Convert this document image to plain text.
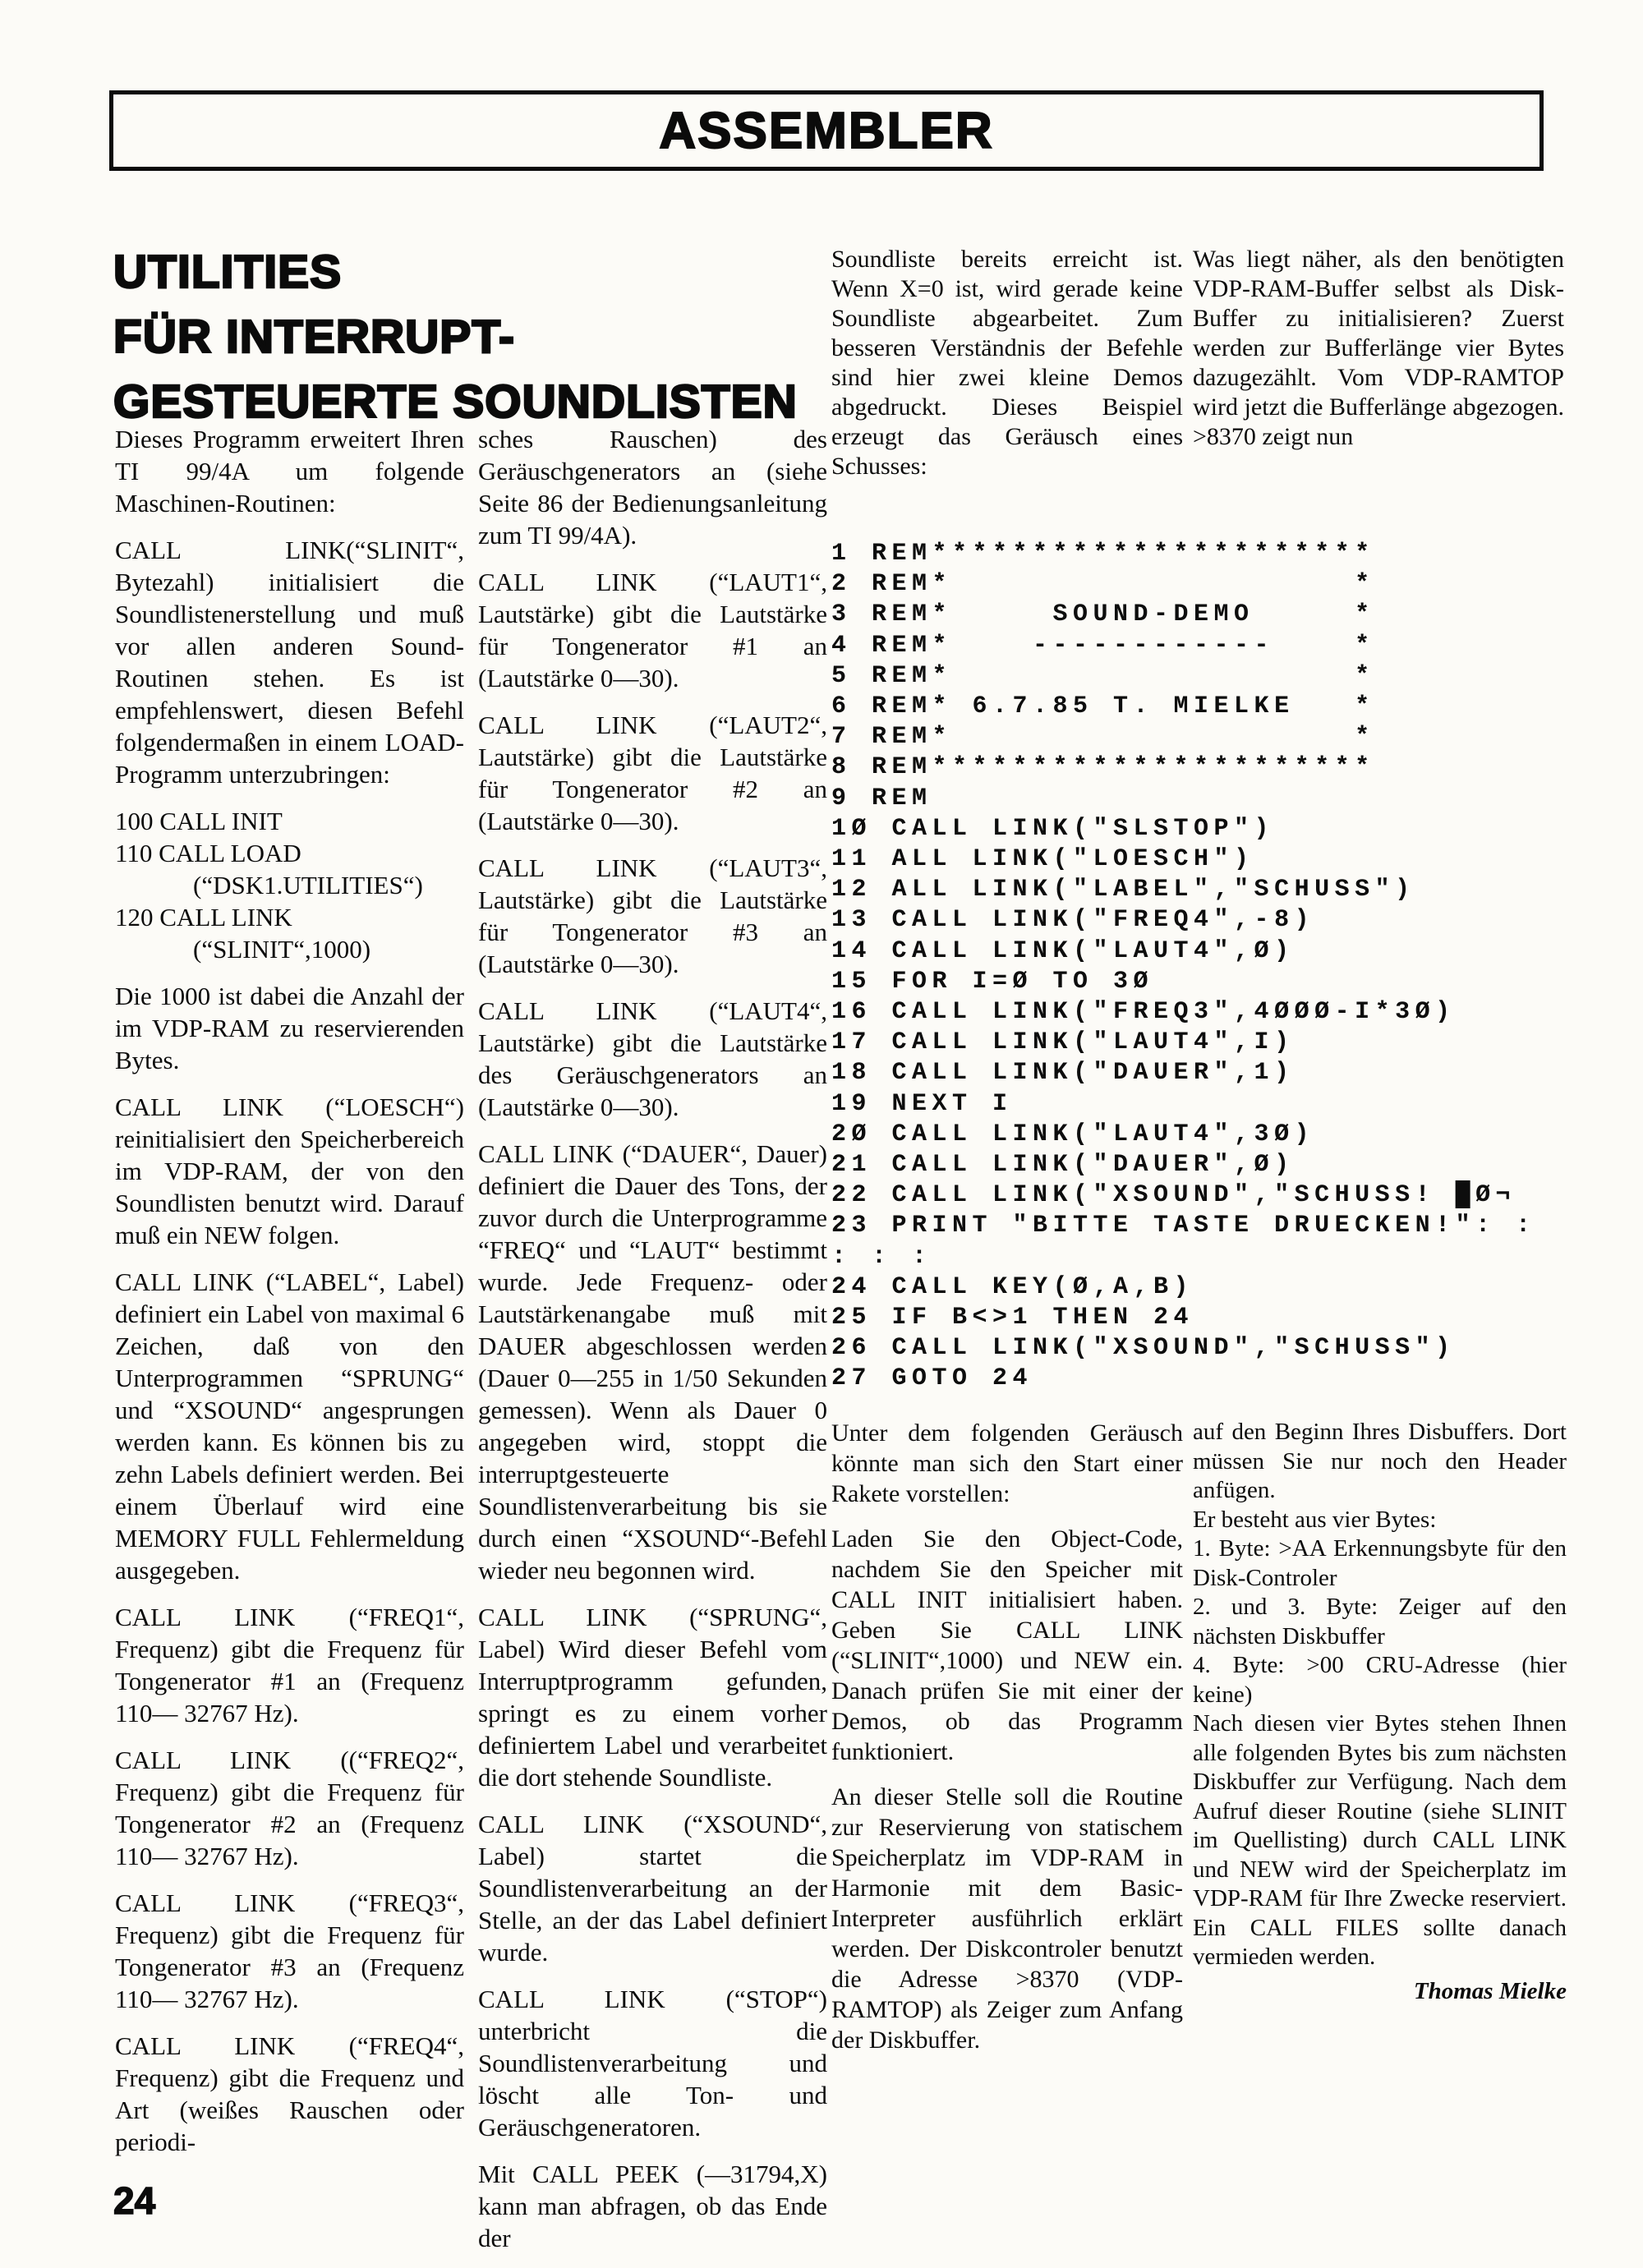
ASSEMBLER
UTILITIES
FÜR INTERRUPT-
GESTEUERTE SOUNDLISTEN
Dieses Programm erweitert Ihren TI 99/4A um folgende Maschinen-Routinen:
CALL LINK(“SLINIT“, Bytezahl) initialisiert die Soundlistenerstellung und muß vor allen anderen Sound-Routinen stehen. Es ist empfehlenswert, diesen Befehl folgendermaßen in einem LOAD-Programm unterzubringen:
100 CALL INIT
110 CALL LOAD
(“DSK1.UTILITIES“)
120 CALL LINK
(“SLINIT“,1000)
Die 1000 ist dabei die Anzahl der im VDP-RAM zu reservierenden Bytes.
CALL LINK (“LOESCH“) reinitialisiert den Speicherbereich im VDP-RAM, der von den Soundlisten benutzt wird. Darauf muß ein NEW folgen.
CALL LINK (“LABEL“, Label) definiert ein Label von maximal 6 Zeichen, daß von den Unterprogrammen “SPRUNG“ und “XSOUND“ angesprungen werden kann. Es können bis zu zehn Labels definiert werden. Bei einem Überlauf wird eine MEMORY FULL Fehlermeldung ausgegeben.
CALL LINK (“FREQ1“, Frequenz) gibt die Frequenz für Tongenerator #1 an (Frequenz 110— 32767 Hz).
CALL LINK ((“FREQ2“, Frequenz) gibt die Frequenz für Tongenerator #2 an (Frequenz 110— 32767 Hz).
CALL LINK (“FREQ3“, Frequenz) gibt die Frequenz für Tongenerator #3 an (Frequenz 110— 32767 Hz).
CALL LINK (“FREQ4“, Frequenz) gibt die Frequenz und Art (weißes Rauschen oder periodi-
sches Rauschen) des Geräuschgenerators an (siehe Seite 86 der Bedienungsanleitung zum TI 99/4A).
CALL LINK (“LAUT1“, Lautstärke) gibt die Lautstärke für Tongenerator #1 an (Lautstärke 0—30).
CALL LINK (“LAUT2“, Lautstärke) gibt die Lautstärke für Tongenerator #2 an (Lautstärke 0—30).
CALL LINK (“LAUT3“, Lautstärke) gibt die Lautstärke für Tongenerator #3 an (Lautstärke 0—30).
CALL LINK (“LAUT4“, Lautstärke) gibt die Lautstärke des Geräuschgenerators an (Lautstärke 0—30).
CALL LINK (“DAUER“, Dauer) definiert die Dauer des Tons, der zuvor durch die Unterprogramme “FREQ“ und “LAUT“ bestimmt wurde. Jede Frequenz- oder Lautstärkenangabe muß mit DAUER abgeschlossen werden (Dauer 0—255 in 1/50 Sekunden gemessen). Wenn als Dauer 0 angegeben wird, stoppt die interruptgesteuerte Soundlistenverarbeitung bis sie durch einen “XSOUND“-Befehl wieder neu begonnen wird.
CALL LINK (“SPRUNG“, Label) Wird dieser Befehl vom Interruptprogramm gefunden, springt es zu einem vorher definiertem Label und verarbeitet die dort stehende Soundliste.
CALL LINK (“XSOUND“, Label) startet die Soundlistenverarbeitung an der Stelle, an der das Label definiert wurde.
CALL LINK (“STOP“) unterbricht die Soundlistenverarbeitung und löscht alle Ton- und Geräuschgeneratoren.
Mit CALL PEEK (—31794,X) kann man abfragen, ob das Ende der
Soundliste bereits erreicht ist. Wenn X=0 ist, wird gerade keine Soundliste abgearbeitet. Zum besseren Verständnis der Befehle sind hier zwei kleine Demos abgedruckt. Dieses Beispiel erzeugt das Geräusch eines Schusses:
Was liegt näher, als den benötigten VDP-RAM-Buffer selbst als Disk-Buffer zu initialisieren? Zuerst werden zur Bufferlänge vier Bytes dazugezählt. Vom VDP-RAMTOP wird jetzt die Bufferlänge abgezogen. >8370 zeigt nun
1 REM**********************
2 REM*                    *
3 REM*     SOUND-DEMO     *
4 REM*    ------------    *
5 REM*                    *
6 REM* 6.7.85 T. MIELKE   *
7 REM*                    *
8 REM**********************
9 REM
1Ø CALL LINK("SLSTOP")
11 ALL LINK("LOESCH")
12 ALL LINK("LABEL","SCHUSS")
13 CALL LINK("FREQ4",-8)
14 CALL LINK("LAUT4",Ø)
15 FOR I=Ø TO 3Ø
16 CALL LINK("FREQ3",4ØØØ-I*3Ø)
17 CALL LINK("LAUT4",I)
18 CALL LINK("DAUER",1)
19 NEXT I
2Ø CALL LINK("LAUT4",3Ø)
21 CALL LINK("DAUER",Ø)
22 CALL LINK("XSOUND","SCHUSS! █Ø¬
23 PRINT "BITTE TASTE DRUECKEN!": :
: : :
24 CALL KEY(Ø,A,B)
25 IF B<>1 THEN 24
26 CALL LINK("XSOUND","SCHUSS")
27 GOTO 24
Unter dem folgenden Geräusch könnte man sich den Start einer Rakete vorstellen:
Laden Sie den Object-Code, nachdem Sie den Speicher mit CALL INIT initialisiert haben. Geben Sie CALL LINK (“SLINIT“,1000) und NEW ein. Danach prüfen Sie mit einer der Demos, ob das Programm funktioniert.
An dieser Stelle soll die Routine zur Reservierung von statischem Speicherplatz im VDP-RAM in Harmonie mit dem Basic-Interpreter ausführlich erklärt werden. Der Diskcontroler benutzt die Adresse >8370 (VDP-RAMTOP) als Zeiger zum Anfang der Diskbuffer.
auf den Beginn Ihres Disbuffers. Dort müssen Sie nur noch den Header anfügen.
Er besteht aus vier Bytes:
1. Byte: >AA Erkennungsbyte für den Disk-Controler
2. und 3. Byte: Zeiger auf den nächsten Diskbuffer
4. Byte: >00 CRU-Adresse (hier keine)
Nach diesen vier Bytes stehen Ihnen alle folgenden Bytes bis zum nächsten Diskbuffer zur Verfügung. Nach dem Aufruf dieser Routine (siehe SLINIT im Quellisting) durch CALL LINK und NEW wird der Speicherplatz im VDP-RAM für Ihre Zwecke reserviert. Ein CALL FILES sollte danach vermieden werden.
Thomas Mielke
24
